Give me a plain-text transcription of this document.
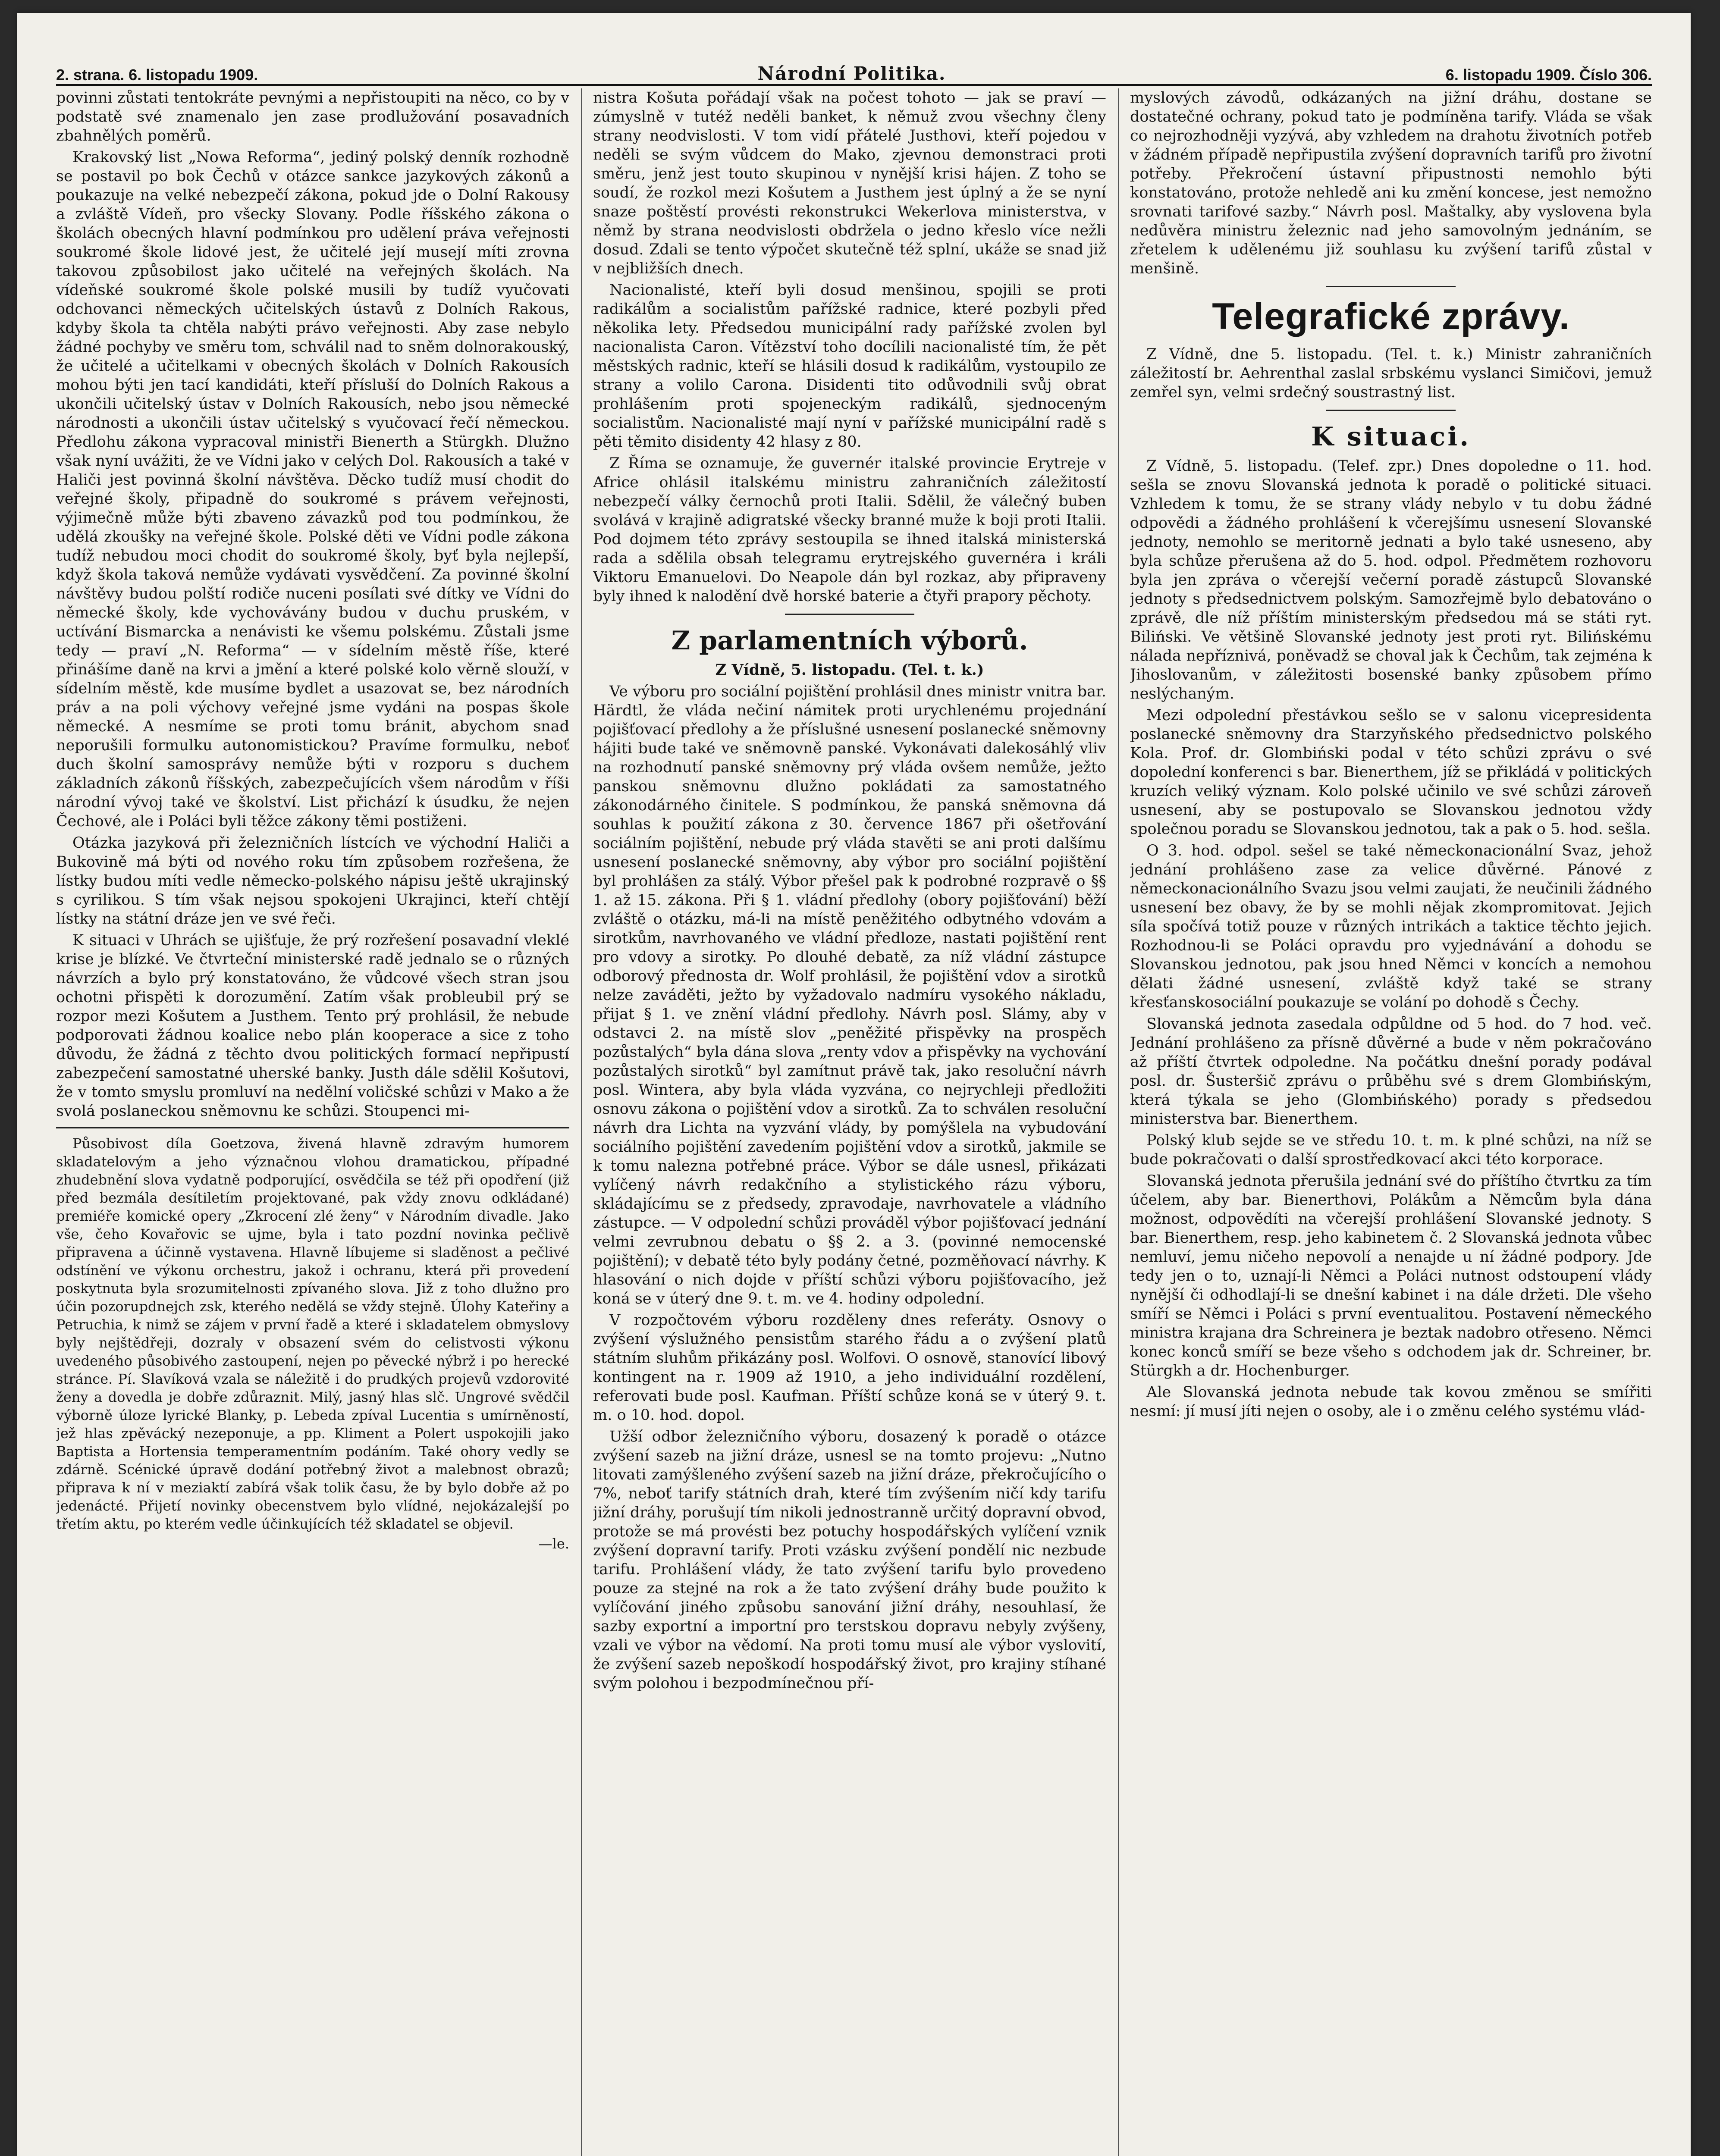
2. strana. 6. listopadu 1909.	Národní Politika.	6. listopadu 1909. Číslo 306.

povinni zůstati tentokráte pevnými a nepřistoupiti na něco, co by v podstatě své znamenalo jen zase prodlužování posavadních zbahnělých poměrů.

Krakovský list „Nowa Reforma“, jediný polský denník rozhodně se postavil po bok Čechů v otázce sankce jazykových zákonů a poukazuje na velké nebezpečí zákona, pokud jde o Dolní Rakousy a zvláště Vídeň, pro všecky Slovany. Podle říšského zákona o školách obecných hlavní podmínkou pro udělení práva veřejnosti soukromé škole lidové jest, že učitelé její musejí míti zrovna takovou způsobilost jako učitelé na veřejných školách. Na vídeňské soukromé škole polské musili by tudíž vyučovati odchovanci německých učitelských ústavů z Dolních Rakous, kdyby škola ta chtěla nabýti právo veřejnosti. Aby zase nebylo žádné pochyby ve směru tom, schválil nad to sněm dolnorakouský, že učitelé a učitelkami v obecných školách v Dolních Rakousích mohou býti jen tací kandidáti, kteří přísluší do Dolních Rakous a ukončili učitelský ústav v Dolních Rakousích, nebo jsou německé národnosti a ukončili ústav učitelský s vyučovací řečí německou. Předlohu zákona vypracoval ministři Bienerth a Stürgkh. Dlužno však nyní uvážiti, že ve Vídni jako v celých Dol. Rakousích a také v Haliči jest povinná školní návštěva. Děcko tudíž musí chodit do veřejné školy, připadně do soukromé s právem veřejnosti, výjimečně může býti zbaveno závazků pod tou podmínkou, že udělá zkoušky na veřejné škole. Polské děti ve Vídni podle zákona tudíž nebudou moci chodit do soukromé školy, byť byla nejlepší, když škola taková nemůže vydávati vysvědčení. Za povinné školní návštěvy budou polští rodiče nuceni posílati své dítky ve Vídni do německé školy, kde vychovávány budou v duchu pruském, v uctívání Bismarcka a nenávisti ke všemu polskému. Zůstali jsme tedy — praví „N. Reforma“ — v sídelním městě říše, které přinášíme daně na krvi a jmění a které polské kolo věrně slouží, v sídelním městě, kde musíme bydlet a usazovat se, bez národních práv a na poli výchovy veřejné jsme vydáni na pospas škole německé. A nesmíme se proti tomu bránit, abychom snad neporušili formulku autonomistickou? Pravíme formulku, neboť duch školní samosprávy nemůže býti v rozporu s duchem základních zákonů říšských, zabezpečujících všem národům v říši národní vývoj také ve školství. List přichází k úsudku, že nejen Čechové, ale i Poláci byli těžce zákony těmi postiženi.

Otázka jazyková při železničních lístcích ve východní Haliči a Bukovině má býti od nového roku tím způsobem rozřešena, že lístky budou míti vedle německo-polského nápisu ještě ukrajinský s cyrilikou. S tím však nejsou spokojeni Ukrajinci, kteří chtějí lístky na státní dráze jen ve své řeči.

K situaci v Uhrách se ujišťuje, že prý rozřešení posavadní vleklé krise je blízké. Ve čtvrteční ministerské radě jednalo se o různých návrzích a bylo prý konstatováno, že vůdcové všech stran jsou ochotni přispěti k dorozumění. Zatím však probleubil prý se rozpor mezi Košutem a Justhem. Tento prý prohlásil, že nebude podporovati žádnou koalice nebo plán kooperace a sice z toho důvodu, že žádná z těchto dvou politických formací nepřipustí zabezpečení samostatné uherské banky. Justh dále sdělil Košutovi, že v tomto smyslu promluví na nedělní voličské schůzi v Mako a že svolá poslaneckou sněmovnu ke schůzi. Stoupenci mi-

Působivost díla Goetzova, živená hlavně zdravým humorem skladatelovým a jeho význačnou vlohou dramatickou, případné zhudebnění slova vydatně podporující, osvědčila se též při opodření (již před bezmála desítiletím projektované, pak vždy znovu odkládané) premiéře komické opery „Zkrocení zlé ženy“ v Národním divadle. Jako vše, čeho Kovařovic se ujme, byla i tato pozdní novinka pečlivě připravena a účinně vystavena. Hlavně líbujeme si sladěnost a pečlivé odstínění ve výkonu orchestru, jakož i ochranu, která při provedení poskytnuta byla srozumitelnosti zpívaného slova. Již z toho dlužno pro účin pozorupdnejch zsk, kterého nedělá se vždy stejně. Úlohy Kateřiny a Petruchia, k nimž se zájem v první řadě a které i skladatelem obmyslovy byly nejštědřeji, dozraly v obsazení svém do celistvosti výkonu uvedeného působivého zastoupení, nejen po pěvecké nýbrž i po herecké stránce. Pí. Slavíková vzala se náležitě i do prudkých projevů vzdorovité ženy a dovedla je dobře zdůraznit. Milý, jasný hlas slč. Ungrové svědčil výborně úloze lyrické Blanky, p. Lebeda zpíval Lucentia s umírněností, jež hlas zpěvácký nezeponuje, a pp. Kliment a Polert uspokojili jako Baptista a Hortensia temperamentním podáním. Také ohory vedly se zdárně. Scénické úpravě dodání potřebný život a malebnost obrazů; připrava k ní v meziaktí zabírá však tolik času, že by bylo dobře až po jedenácté. Přijetí novinky obecenstvem bylo vlídné, nejokázalejší po třetím aktu, po kterém vedle účinkujících též skladatel se objevil.

—le.

nistra Košuta pořádají však na počest tohoto — jak se praví — zúmyslně v tutéž neděli banket, k němuž zvou všechny členy strany neodvislosti. V tom vidí přátelé Justhovi, kteří pojedou v neděli se svým vůdcem do Mako, zjevnou demonstraci proti směru, jenž jest touto skupinou v nynější krisi hájen. Z toho se soudí, že rozkol mezi Košutem a Justhem jest úplný a že se nyní snaze poštěstí provésti rekonstrukci Wekerlova ministerstva, v němž by strana neodvislosti obdržela o jedno křeslo více nežli dosud. Zdali se tento výpočet skutečně též splní, ukáže se snad již v nejbližších dnech.

Nacionalisté, kteří byli dosud menšinou, spojili se proti radikálům a socialistům pařížské radnice, které pozbyli před několika lety. Předsedou municipální rady pařížské zvolen byl nacionalista Caron. Vítězství toho docílili nacionalisté tím, že pět městských radnic, kteří se hlásili dosud k radikálům, vystoupilo ze strany a volilo Carona. Disidenti tito odůvodnili svůj obrat prohlášením proti spojeneckým radikálů, sjednoceným socialistům. Nacionalisté mají nyní v pařížské municipální radě s pěti těmito disidenty 42 hlasy z 80.

Z Říma se oznamuje, že guvernér italské provincie Erytreje v Africe ohlásil italskému ministru zahraničních záležitostí nebezpečí války černochů proti Italii. Sdělil, že válečný buben svolává v krajině adigratské všecky branné muže k boji proti Italii. Pod dojmem této zprávy sestoupila se ihned italská ministerská rada a sdělila obsah telegramu erytrejského guvernéra i králi Viktoru Emanuelovi. Do Neapole dán byl rozkaz, aby připraveny byly ihned k nalodění dvě horské baterie a čtyři prapory pěchoty.

Z parlamentních výborů.
Z Vídně, 5. listopadu. (Tel. t. k.)

Ve výboru pro sociální pojištění prohlásil dnes ministr vnitra bar. Härdtl, že vláda nečiní námitek proti urychlenému projednání pojišťovací předlohy a že příslušné usnesení poslanecké sněmovny hájiti bude také ve sněmovně panské. Vykonávati dalekosáhlý vliv na rozhodnutí panské sněmovny prý vláda ovšem nemůže, ježto panskou sněmovnu dlužno pokládati za samostatného zákonodárného činitele. S podmínkou, že panská sněmovna dá souhlas k použití zákona z 30. července 1867 při ošetřování sociálním pojištění, nebude prý vláda stavěti se ani proti dalšímu usnesení poslanecké sněmovny, aby výbor pro sociální pojištění byl prohlášen za stálý. Výbor přešel pak k podrobné rozpravě o §§ 1. až 15. zákona. Při § 1. vládní předlohy (obory pojišťování) běží zvláště o otázku, má-li na místě peněžitého odbytného vdovám a sirotkům, navrhovaného ve vládní předloze, nastati pojištění rent pro vdovy a sirotky. Po dlouhé debatě, za níž vládní zástupce odborový přednosta dr. Wolf prohlásil, že pojištění vdov a sirotků nelze zaváděti, ježto by vyžadovalo nadmíru vysokého nákladu, přijat § 1. ve znění vládní předlohy. Návrh posl. Slámy, aby v odstavci 2. na místě slov „peněžité přispěvky na prospěch pozůstalých“ byla dána slova „renty vdov a přispěvky na vychování pozůstalých sirotků“ byl zamítnut právě tak, jako resoluční návrh posl. Wintera, aby byla vláda vyzvána, co nejrychleji předložiti osnovu zákona o pojištění vdov a sirotků. Za to schválen resoluční návrh dra Lichta na vyzvání vlády, by pomýšlela na vybudování sociálního pojištění zavedením pojištění vdov a sirotků, jakmile se k tomu nalezna potřebné práce. Výbor se dále usnesl, přikázati vylíčený návrh redakčního a stylistického rázu výboru, skládajícímu se z předsedy, zpravodaje, navrhovatele a vládního zástupce. — V odpolední schůzi prováděl výbor pojišťovací jednání velmi zevrubnou debatu o §§ 2. a 3. (povinné nemocenské pojištění); v debatě této byly podány četné, pozměňovací návrhy. K hlasování o nich dojde v příští schůzi výboru pojišťovacího, jež koná se v úterý dne 9. t. m. ve 4. hodiny odpolední.

V rozpočtovém výboru rozděleny dnes referáty. Osnovy o zvýšení výslužného pensistům starého řádu a o zvýšení platů státním sluhům přikázány posl. Wolfovi. O osnově, stanovící libový kontingent na r. 1909 až 1910, a jeho individuální rozdělení, referovati bude posl. Kaufman. Příští schůze koná se v úterý 9. t. m. o 10. hod. dopol.

Užší odbor železničního výboru, dosazený k poradě o otázce zvýšení sazeb na jižní dráze, usnesl se na tomto projevu: „Nutno litovati zamýšleného zvýšení sazeb na jižní dráze, překročujícího o 7%, neboť tarify státních drah, které tím zvýšením ničí kdy tarifu jižní dráhy, porušují tím nikoli jednostranně určitý dopravní obvod, protože se má provésti bez potuchy hospodářských vylíčení vznik zvýšení dopravní tarify. Proti vzásku zvýšení pondělí nic nezbude tarifu. Prohlášení vlády, že tato zvýšení tarifu bylo provedeno pouze za stejné na rok a že tato zvýšení dráhy bude použito k vylíčování jiného způsobu sanování jižní dráhy, nesouhlasí, že sazby exportní a importní pro terstskou dopravu nebyly zvýšeny, vzali ve výbor na vědomí. Na proti tomu musí ale výbor vyslovití, že zvýšení sazeb nepoškodí hospodářský život, pro krajiny stíhané svým polohou i bezpodmínečnou pří-

myslových závodů, odkázaných na jižní dráhu, dostane se dostatečné ochrany, pokud tato je podmíněna tarify. Vláda se však co nejrozhodněji vyzývá, aby vzhledem na drahotu životních potřeb v žádném případě nepřipustila zvýšení dopravních tarifů pro životní potřeby. Překročení ústavní připustnosti nemohlo býti konstatováno, protože nehledě ani ku změní koncese, jest nemožno srovnati tarifové sazby.“ Návrh posl. Maštalky, aby vyslovena byla nedůvěra ministru železnic nad jeho samovolným jednáním, se zřetelem k udělenému již souhlasu ku zvýšení tarifů zůstal v menšině.

Telegrafické zprávy.

Z Vídně, dne 5. listopadu. (Tel. t. k.) Ministr zahraničních záležitostí br. Aehrenthal zaslal srbskému vyslanci Simičovi, jemuž zemřel syn, velmi srdečný soustrastný list.

K situaci.

Z Vídně, 5. listopadu. (Telef. zpr.) Dnes dopoledne o 11. hod. sešla se znovu Slovanská jednota k poradě o politické situaci. Vzhledem k tomu, že se strany vlády nebylo v tu dobu žádné odpovědi a žádného prohlášení k včerejšímu usnesení Slovanské jednoty, nemohlo se meritorně jednati a bylo také usneseno, aby byla schůze přerušena až do 5. hod. odpol. Předmětem rozhovoru byla jen zpráva o včerejší večerní poradě zástupců Slovanské jednoty s předsednictvem polským. Samozřejmě bylo debatováno o zprávě, dle níž příštím ministerským předsedou má se státi ryt. Biliński. Ve většině Slovanské jednoty jest proti ryt. Bilińskému nálada nepříznivá, poněvadž se choval jak k Čechům, tak zejména k Jihoslovanům, v záležitosti bosenské banky způsobem přímo neslýchaným.

Mezi odpolední přestávkou sešlo se v salonu vicepresidenta poslanecké sněmovny dra Starzyňského předsednictvo polského Kola. Prof. dr. Glombiński podal v této schůzi zprávu o své dopolední konferenci s bar. Bienerthem, jíž se přikládá v politických kruzích veliký význam. Kolo polské učinilo ve své schůzi zároveň usnesení, aby se postupovalo se Slovanskou jednotou vždy společnou poradu se Slovanskou jednotou, tak a pak o 5. hod. sešla.

O 3. hod. odpol. sešel se také německonacionální Svaz, jehož jednání prohlášeno zase za velice důvěrné. Pánové z německonacionálního Svazu jsou velmi zaujati, že neučinili žádného usnesení bez obavy, že by se mohli nějak zkompromitovat. Jejich síla spočívá totiž pouze v různých intrikách a taktice těchto jejich. Rozhodnou-li se Poláci opravdu pro vyjednávání a dohodu se Slovanskou jednotou, pak jsou hned Němci v koncích a nemohou dělati žádné usnesení, zvláště když také se strany křesťanskosociální poukazuje se volání po dohodě s Čechy.

Slovanská jednota zasedala odpůldne od 5 hod. do 7 hod. več. Jednání prohlášeno za přísně důvěrné a bude v něm pokračováno až příští čtvrtek odpoledne. Na počátku dnešní porady podával posl. dr. Šusteršič zprávu o průběhu své s drem Glombińským, která týkala se jeho (Glombińského) porady s předsedou ministerstva bar. Bienerthem.

Polský klub sejde se ve středu 10. t. m. k plné schůzi, na níž se bude pokračovati o další sprostředkovací akci této korporace.

Slovanská jednota přerušila jednání své do příštího čtvrtku za tím účelem, aby bar. Bienerthovi, Polákům a Němcům byla dána možnost, odpovědíti na včerejší prohlášení Slovanské jednoty. S bar. Bienerthem, resp. jeho kabinetem č. 2 Slovanská jednota vůbec nemluví, jemu ničeho nepovolí a nenajde u ní žádné podpory. Jde tedy jen o to, uznají-li Němci a Poláci nutnost odstoupení vlády nynější či odhodlají-li se dnešní kabinet i na dále držeti. Dle všeho smíří se Němci i Poláci s první eventualitou. Postavení německého ministra krajana dra Schreinera je beztak nadobro otřeseno. Němci konec konců smíří se beze všeho s odchodem jak dr. Schreiner, br. Stürgkh a dr. Hochenburger.

Ale Slovanská jednota nebude tak kovou změnou se smířiti nesmí: jí musí jíti nejen o osoby, ale i o změnu celého systému vlád-
